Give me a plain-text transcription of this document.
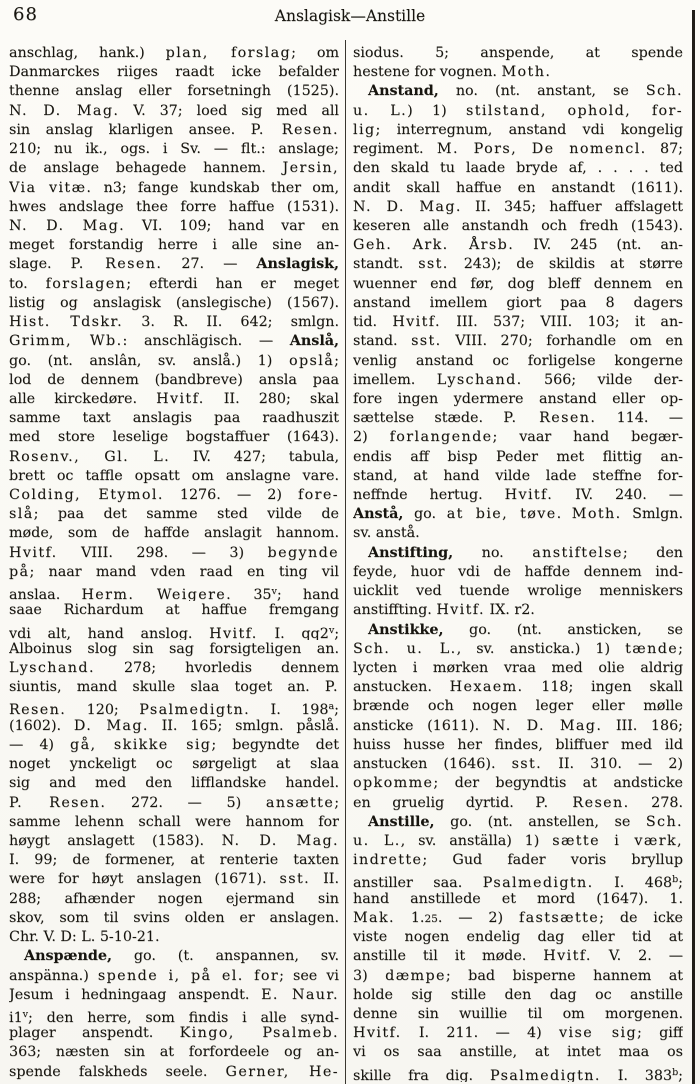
68	Anslagisk—Anstille
anschlag, hank.) plan, forslag; om
Danmarckes riiges raadt icke befalder
thenne anslag eller forsetningh (1525).
N. D. Mag. V. 37; loed sig med all
sin anslag klarligen ansee. P. Resen.
210; nu ik., ogs. i Sv. — flt.: anslage;
de anslage behagede hannem. Jersin,
Via vitæ. n3; fange kundskab ther om,
hwes andslage thee forre haffue (1531).
N. D. Mag. VI. 109; hand var en
meget forstandig herre i alle sine an-
slage. P. Resen. 27. — Anslagisk,
to. forslagen; efterdi han er meget
listig og anslagisk (anslegische) (1567).
Hist. Tdskr. 3. R. II. 642; smlgn.
Grimm, Wb.: anschlägisch. — Anslå,
go. (nt. anslân, sv. anslå.) 1) opslå;
lod de dennem (bandbreve) ansla paa
alle kirckedøre. Hvitf. II. 280; skal
samme taxt anslagis paa raadhuszit
med store leselige bogstaffuer (1643).
Rosenv., Gl. L. IV. 427; tabula,
brett oc taffle opsatt om anslagne vare.
Colding, Etymol. 1276. — 2) fore-
slå; paa det samme sted vilde de
møde, som de haffde anslagit hannom.
Hvitf. VIII. 298. — 3) begynde
på; naar mand vden raad en ting vil
anslaa. Herm. Weigere. 35$^v$; hand
saae Richardum at haffue fremgang
vdi alt, hand anslog. Hvitf. I. qq2$^v$;
Alboinus slog sin sag forsigteligen an.
Lyschand. 278; hvorledis dennem
siuntis, mand skulle slaa toget an. P.
Resen. 120; Psalmedigtn. I. 198$^a$;
(1602). D. Mag. II. 165; smlgn. påslå.
— 4) gå, skikke sig; begyndte det
noget ynckeligt oc sørgeligt at slaa
sig and med den lifflandske handel.
P. Resen. 272. — 5) ansætte;
samme lehenn schall were hannom for
høygt anslagett (1583). N. D. Mag.
I. 99; de formener, at renterie taxten
were for høyt anslagen (1671). sst. II.
288; afhænder nogen ejermand sin
skov, som til svins olden er anslagen.
Chr. V. D: L. 5-10-21.
Anspænde, go. (t. anspannen, sv.
anspänna.) spende i, på el. for; see vi
Jesum i hedningaag anspendt. E. Naur.
i1$^v$; den herre, som findis i alle synd-
plager anspendt. Kingo, Psalmeb.
363; næsten sin at forfordeele og an-
spende falskheds seele. Gerner, He-
siodus. 5; anspende, at spende
hestene for vognen. Moth.
Anstand, no. (nt. anstant, se Sch.
u. L.) 1) stilstand, ophold, for-
lig; interregnum, anstand vdi kongelig
regiment. M. Pors, De nomencl. 87;
den skald tu laade bryde af, . . . . ted
andit skall haffue en anstandt (1611).
N. D. Mag. II. 345; haffuer affslagett
keseren alle anstandh och fredh (1543).
Geh. Ark. Årsb. IV. 245 (nt. an-
standt. sst. 243); de skildis at større
wuenner end før, dog bleff dennem en
anstand imellem giort paa 8 dagers
tid. Hvitf. III. 537; VIII. 103; it an-
stand. sst. VIII. 270; forhandle om en
venlig anstand oc forligelse kongerne
imellem. Lyschand. 566; vilde der-
fore ingen ydermere anstand eller op-
sættelse stæde. P. Resen. 114. —
2) forlangende; vaar hand begær-
endis aff bisp Peder met flittig an-
stand, at hand vilde lade steffne for-
neffnde hertug. Hvitf. IV. 240. —
Anstå, go. at bie, tøve. Moth. Smlgn.
sv. anstå.
Anstifting, no. anstiftelse; den
feyde, huor vdi de haffde dennem ind-
uicklit ved tuende wrolige menniskers
anstiffting. Hvitf. IX. r2.
Anstikke, go. (nt. ansticken, se
Sch. u. L., sv. ansticka.) 1) tænde;
lycten i mørken vraa med olie aldrig
anstucken. Hexaem. 118; ingen skall
brænde och nogen leger eller mølle
ansticke (1611). N. D. Mag. III. 186;
huiss husse her findes, bliffuer med ild
anstucken (1646). sst. II. 310. — 2)
opkomme; der begyndtis at andsticke
en gruelig dyrtid. P. Resen. 278.
Anstille, go. (nt. anstellen, se Sch.
u. L., sv. anställa) 1) sætte i værk,
indrette; Gud fader voris bryllup
anstiller saa. Psalmedigtn. I. 468$^b$;
hand anstillede et mord (1647). 1.
Mak. 1.25. — 2) fastsætte; de icke
viste nogen endelig dag eller tid at
anstille til it møde. Hvitf. V. 2. —
3) dæmpe; bad bisperne hannem at
holde sig stille den dag oc anstille
denne sin wuillie til om morgenen.
Hvitf. I. 211. — 4) vise sig; giff
vi os saa anstille, at intet maa os
skille fra dig. Psalmedigtn. I. 383$^b$;
